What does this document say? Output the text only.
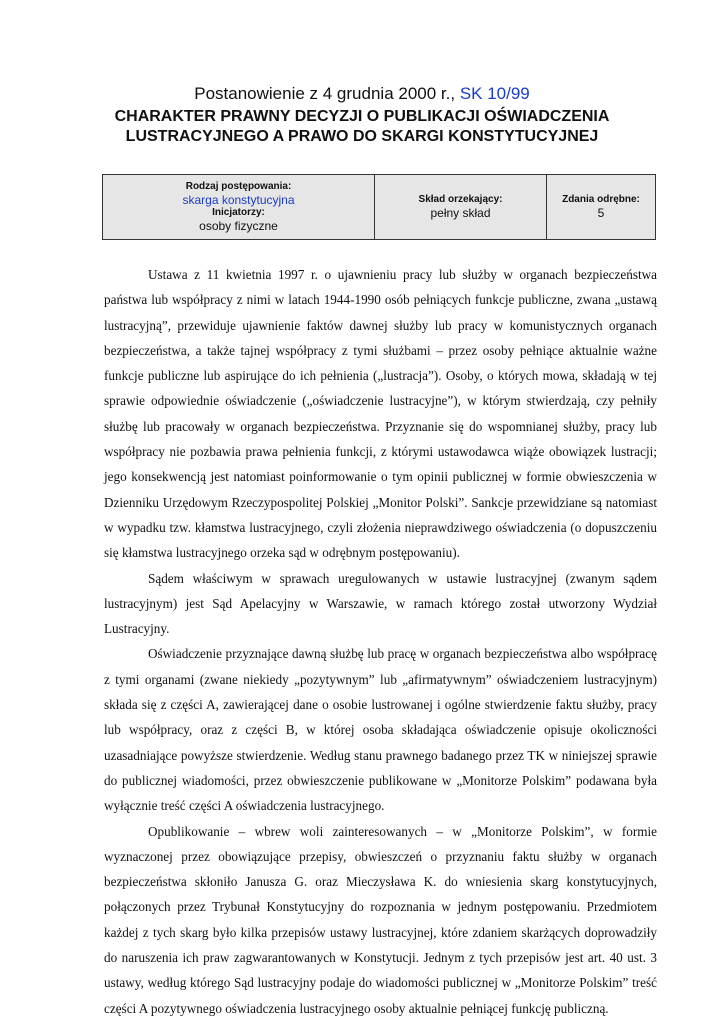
Postanowienie z 4 grudnia 2000 r., SK 10/99

CHARAKTER PRAWNY DECYZJI O PUBLIKACJI OŚWIADCZENIA
LUSTRACYJNEGO A PRAWO DO SKARGI KONSTYTUCYJNEJ

Rodzaj postępowania:
skarga konstytucyjna
Inicjatorzy:
osoby fizyczne

Skład orzekający:
pełny skład

Zdania odrębne:
5

Ustawa z 11 kwietnia 1997 r. o ujawnieniu pracy lub służby w organach bezpieczeństwa państwa lub współpracy z nimi w latach 1944-1990 osób pełniących funkcje publiczne, zwana „ustawą lustracyjną”, przewiduje ujawnienie faktów dawnej służby lub pracy w komunistycznych organach bezpieczeństwa, a także tajnej współpracy z tymi służbami – przez osoby pełniące aktualnie ważne funkcje publiczne lub aspirujące do ich pełnienia („lustracja”). Osoby, o których mowa, składają w tej sprawie odpowiednie oświadczenie („oświadczenie lustracyjne”), w którym stwierdzają, czy pełniły służbę lub pracowały w organach bezpieczeństwa. Przyznanie się do wspomnianej służby, pracy lub współpracy nie pozbawia prawa pełnienia funkcji, z którymi ustawodawca wiąże obowiązek lustracji; jego konsekwencją jest natomiast poinformowanie o tym opinii publicznej w formie obwieszczenia w Dzienniku Urzędowym Rzeczypospolitej Polskiej „Monitor Polski”. Sankcje przewidziane są natomiast w wypadku tzw. kłamstwa lustracyjnego, czyli złożenia nieprawdziwego oświadczenia (o dopuszczeniu się kłamstwa lustracyjnego orzeka sąd w odrębnym postępowaniu).

Sądem właściwym w sprawach uregulowanych w ustawie lustracyjnej (zwanym sądem lustracyjnym) jest Sąd Apelacyjny w Warszawie, w ramach którego został utworzony Wydział Lustracyjny.

Oświadczenie przyznające dawną służbę lub pracę w organach bezpieczeństwa albo współpracę z tymi organami (zwane niekiedy „pozytywnym” lub „afirmatywnym” oświadczeniem lustracyjnym) składa się z części A, zawierającej dane o osobie lustrowanej i ogólne stwierdzenie faktu służby, pracy lub współpracy, oraz z części B, w której osoba składająca oświadczenie opisuje okoliczności uzasadniające powyższe stwierdzenie. Według stanu prawnego badanego przez TK w niniejszej sprawie do publicznej wiadomości, przez obwieszczenie publikowane w „Monitorze Polskim” podawana była wyłącznie treść części A oświadczenia lustracyjnego.

Opublikowanie – wbrew woli zainteresowanych – w „Monitorze Polskim”, w formie wyznaczonej przez obowiązujące przepisy, obwieszczeń o przyznaniu faktu służby w organach bezpieczeństwa skłoniło Janusza G. oraz Mieczysława K. do wniesienia skarg konstytucyjnych, połączonych przez Trybunał Konstytucyjny do rozpoznania w jednym postępowaniu. Przedmiotem każdej z tych skarg było kilka przepisów ustawy lustracyjnej, które zdaniem skarżących doprowadziły do naruszenia ich praw zagwarantowanych w Konstytucji. Jednym z tych przepisów jest art. 40 ust. 3 ustawy, według którego Sąd lustracyjny podaje do wiadomości publicznej w „Monitorze Polskim” treść części A pozytywnego oświadczenia lustracyjnego osoby aktualnie pełniącej funkcję publiczną.
